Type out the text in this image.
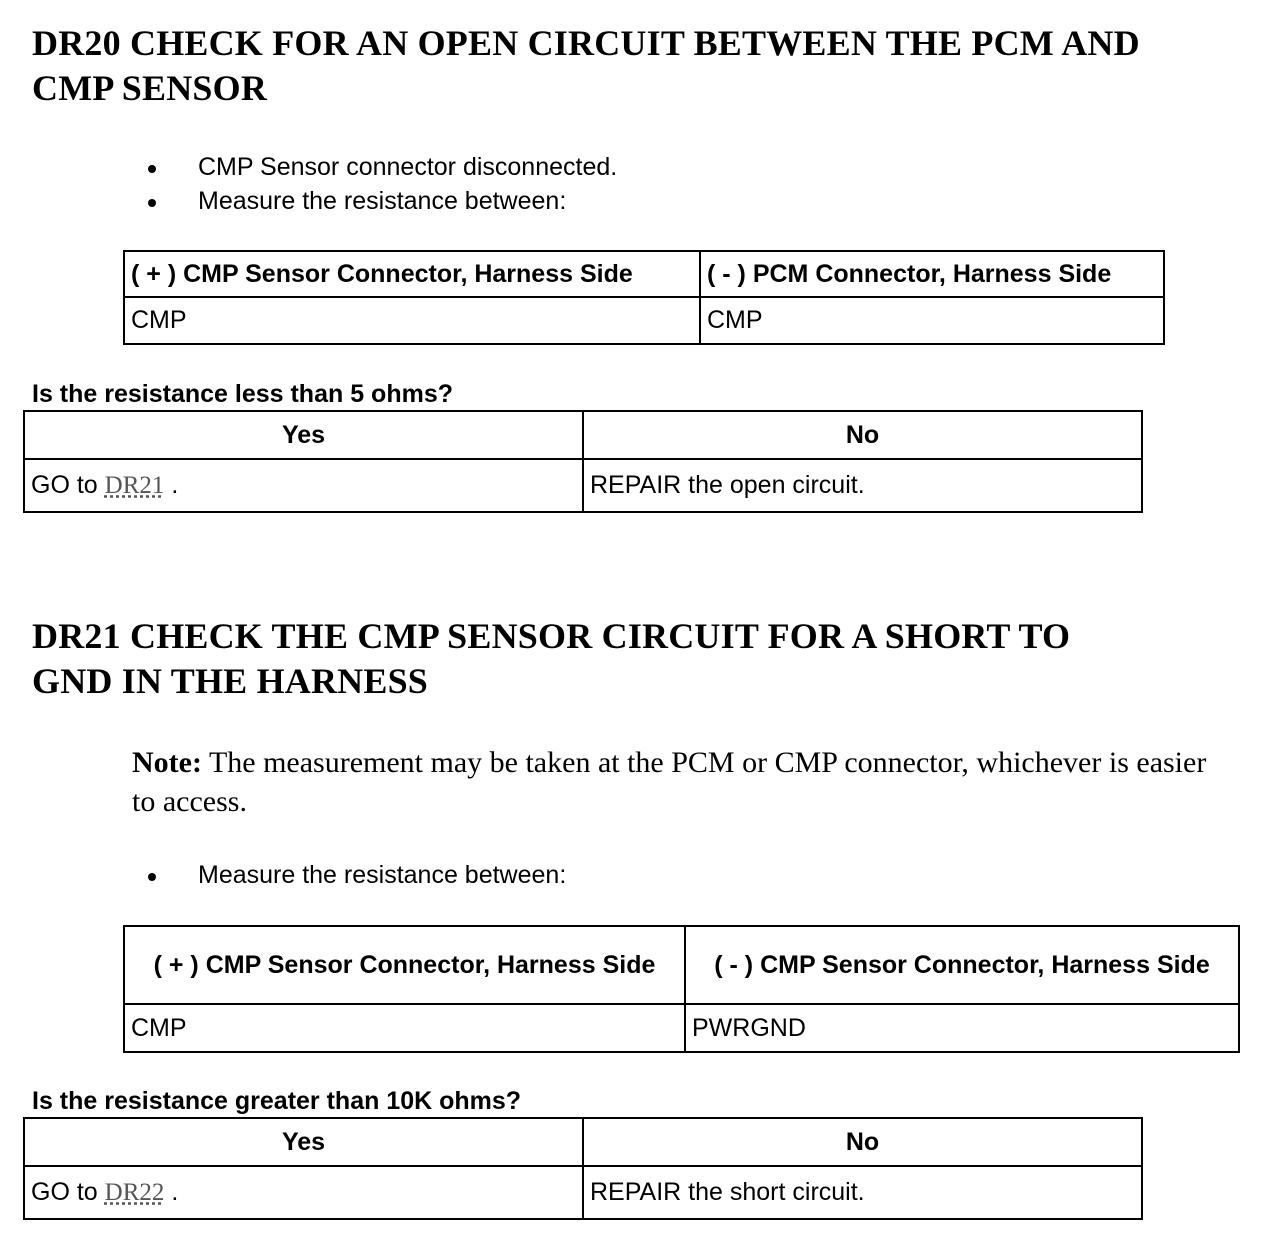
DR20 CHECK FOR AN OPEN CIRCUIT BETWEEN THE PCM AND
CMP SENSOR
CMP Sensor connector disconnected.
Measure the resistance between:
( + ) CMP Sensor Connector, Harness Side	( - ) PCM Connector, Harness Side
CMP	CMP

Is the resistance less than 5 ohms?

Yes	No
GO to DR21 .	REPAIR the open circuit.
DR21 CHECK THE CMP SENSOR CIRCUIT FOR A SHORT TO
GND IN THE HARNESS

Note: The measurement may be taken at the PCM or CMP connector, whichever is easier to access.

Measure the resistance between:
( + ) CMP Sensor Connector, Harness Side	( - ) CMP Sensor Connector, Harness Side
CMP	PWRGND

Is the resistance greater than 10K ohms?

Yes	No
GO to DR22 .	REPAIR the short circuit.
